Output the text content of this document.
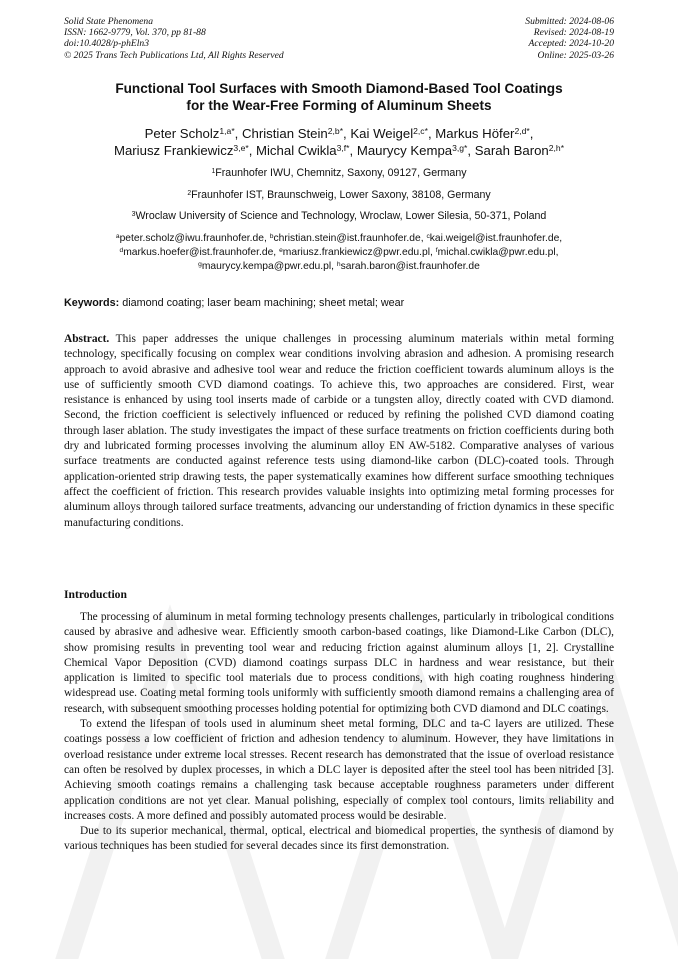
Solid State Phenomena
ISSN: 1662-9779, Vol. 370, pp 81-88
doi:10.4028/p-phEln3
© 2025 Trans Tech Publications Ltd, All Rights Reserved
Submitted: 2024-08-06
Revised: 2024-08-19
Accepted: 2024-10-20
Online: 2025-03-26
Functional Tool Surfaces with Smooth Diamond-Based Tool Coatings
for the Wear-Free Forming of Aluminum Sheets
Peter Scholz$^{1,a*}$, Christian Stein$^{2,b*}$, Kai Weigel$^{2,c*}$, Markus Höfer$^{2,d*}$,
Mariusz Frankiewicz$^{3,e*}$, Michal Cwikla$^{3,f*}$, Maurycy Kempa$^{3,g*}$, Sarah Baron$^{2,h*}$
$^1$Fraunhofer IWU, Chemnitz, Saxony, 09127, Germany
$^2$Fraunhofer IST, Braunschweig, Lower Saxony, 38108, Germany
$^3$Wroclaw University of Science and Technology, Wroclaw, Lower Silesia, 50-371, Poland
$^a$peter.scholz@iwu.fraunhofer.de, $^b$christian.stein@ist.fraunhofer.de, $^c$kai.weigel@ist.fraunhofer.de,
$^d$markus.hoefer@ist.fraunhofer.de, $^e$mariusz.frankiewicz@pwr.edu.pl, $^f$michal.cwikla@pwr.edu.pl,
$^g$maurycy.kempa@pwr.edu.pl, $^h$sarah.baron@ist.fraunhofer.de
Keywords: diamond coating; laser beam machining; sheet metal; wear
Abstract. This paper addresses the unique challenges in processing aluminum materials within metal forming technology, specifically focusing on complex wear conditions involving abrasion and adhesion. A promising research approach to avoid abrasive and adhesive tool wear and reduce the friction coefficient towards aluminum alloys is the use of sufficiently smooth CVD diamond coatings. To achieve this, two approaches are considered. First, wear resistance is enhanced by using tool inserts made of carbide or a tungsten alloy, directly coated with CVD diamond. Second, the friction coefficient is selectively influenced or reduced by refining the polished CVD diamond coating through laser ablation. The study investigates the impact of these surface treatments on friction coefficients during both dry and lubricated forming processes involving the aluminum alloy EN AW-5182. Comparative analyses of various surface treatments are conducted against reference tests using diamond-like carbon (DLC)-coated tools. Through application-oriented strip drawing tests, the paper systematically examines how different surface smoothing techniques affect the coefficient of friction. This research provides valuable insights into optimizing metal forming processes for aluminum alloys through tailored surface treatments, advancing our understanding of friction dynamics in these specific manufacturing conditions.
Introduction

The processing of aluminum in metal forming technology presents challenges, particularly in tribological conditions caused by abrasive and adhesive wear. Efficiently smooth carbon-based coatings, like Diamond-Like Carbon (DLC), show promising results in preventing tool wear and reducing friction against aluminum alloys [1, 2]. Crystalline Chemical Vapor Deposition (CVD) diamond coatings surpass DLC in hardness and wear resistance, but their application is limited to specific tool materials due to process conditions, with high coating roughness hindering widespread use. Coating metal forming tools uniformly with sufficiently smooth diamond remains a challenging area of research, with subsequent smoothing processes holding potential for optimizing both CVD diamond and DLC coatings.

To extend the lifespan of tools used in aluminum sheet metal forming, DLC and ta-C layers are utilized. These coatings possess a low coefficient of friction and adhesion tendency to aluminum. However, they have limitations in overload resistance under extreme local stresses. Recent research has demonstrated that the issue of overload resistance can often be resolved by duplex processes, in which a DLC layer is deposited after the steel tool has been nitrided [3]. Achieving smooth coatings remains a challenging task because acceptable roughness parameters under different application conditions are not yet clear. Manual polishing, especially of complex tool contours, limits reliability and increases costs. A more defined and possibly automated process would be desirable.

Due to its superior mechanical, thermal, optical, electrical and biomedical properties, the synthesis of diamond by various techniques has been studied for several decades since its first demonstration.
